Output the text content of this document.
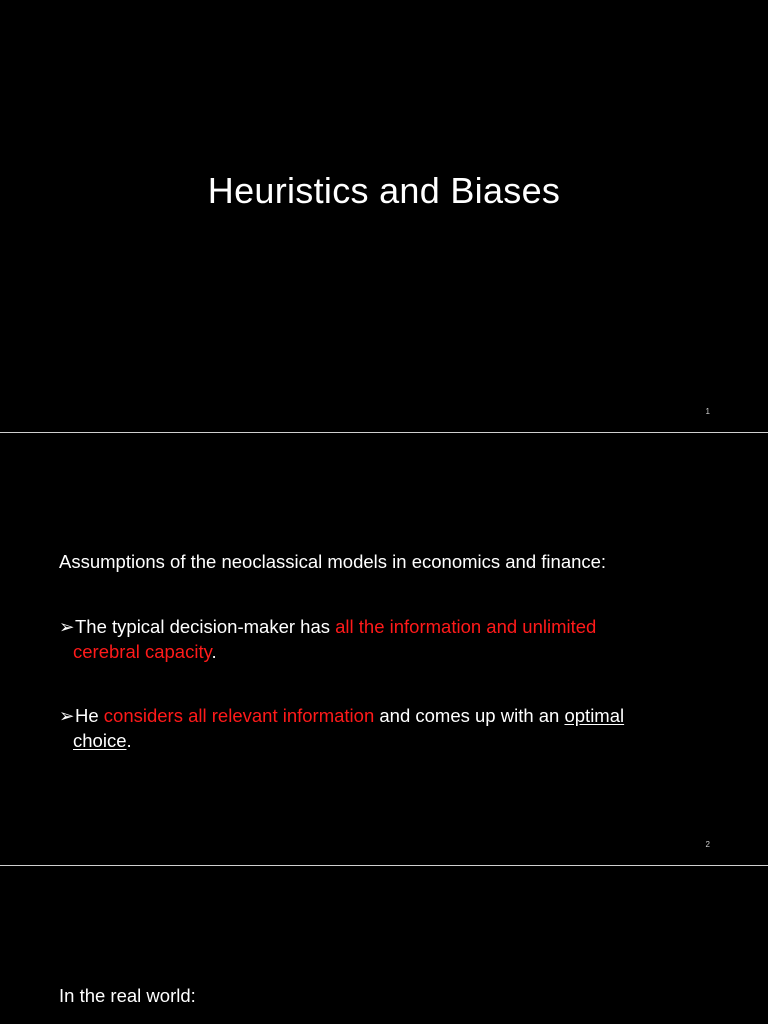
Heuristics and Biases
1
Assumptions of the neoclassical models in economics and finance:
➢The typical decision-maker has all the information and unlimited
cerebral capacity.
➢He considers all relevant information and comes up with an optimal
choice.
2
In the real world:
